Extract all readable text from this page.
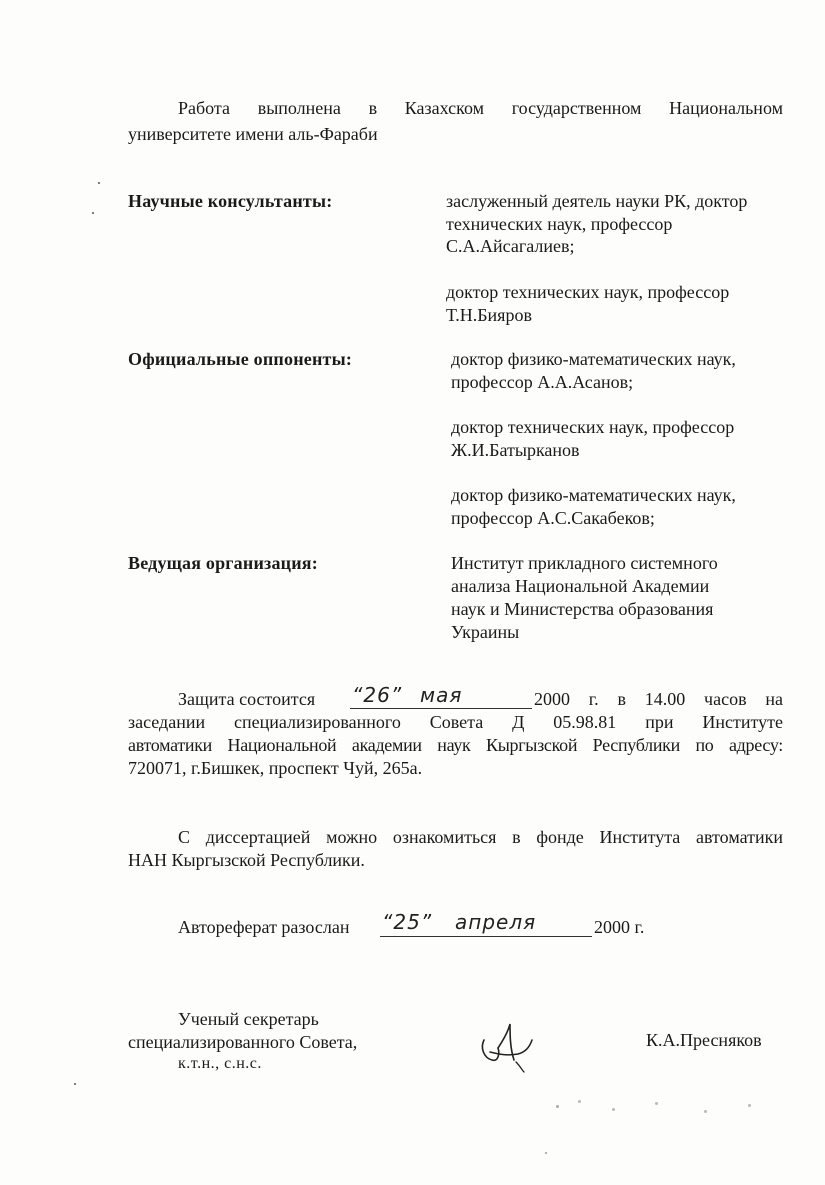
Работа выполнена в Казахском государственном Национальном
университете имени аль-Фараби
Научные консультанты:	заслуженный деятель науки РК, доктор
технических наук, профессор
С.А.Айсагалиев;
доктор технических наук, профессор
Т.Н.Бияров
Официальные оппоненты:	доктор физико-математических наук,
профессор А.А.Асанов;
доктор технических наук, профессор
Ж.И.Батырканов
доктор физико-математических наук,
профессор А.С.Сакабеков;
Ведущая организация:	Институт прикладного системного
анализа Национальной Академии
наук и Министерства образования
Украины
Защита состоится “26” мая	2000 г. в 14.00 часов на
заседании специализированного Совета Д 05.98.81 при Институте
автоматики Национальной академии наук Кыргызской Республики по адресу:
720071, г.Бишкек, проспект Чуй, 265а.
С диссертацией можно ознакомиться в фонде Института автоматики
НАН Кыргызской Республики.
Автореферат разослан “25” апреля	2000 г.
Ученый секретарь
специализированного Совета,
к.т.н., с.н.с.
К.А.Пресняков
